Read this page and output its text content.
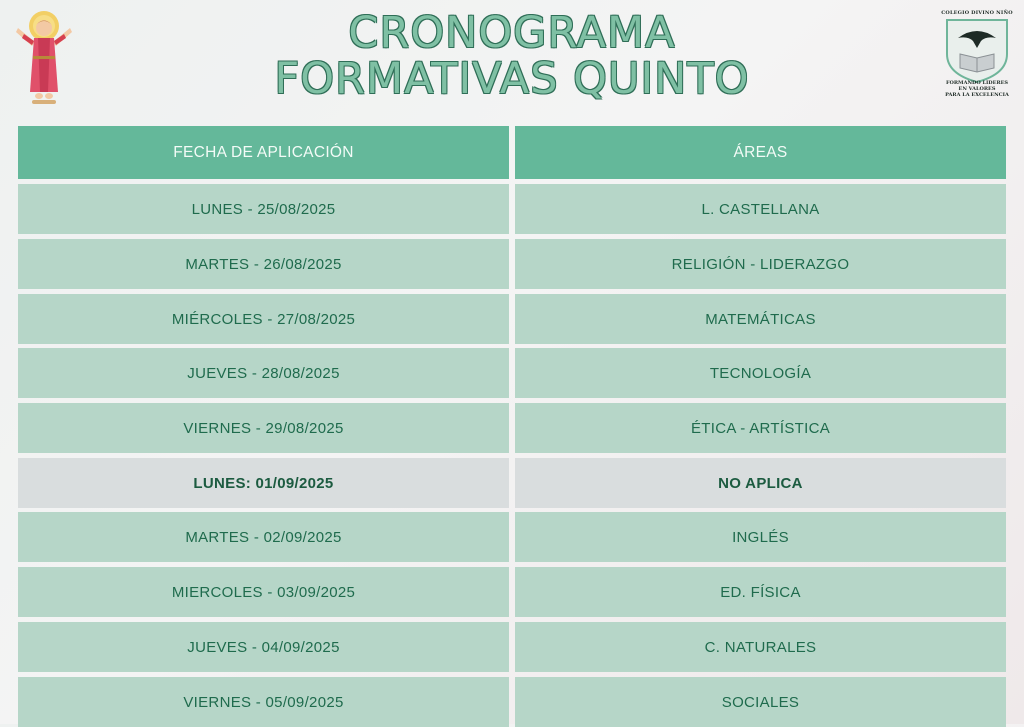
CRONOGRAMA
FORMATIVAS QUINTO
COLEGIO DIVINO NIÑO
FORMANDO LIDERES
EN VALORES
PARA LA EXCELENCIA
FECHA DE APLICACIÓN	ÁREAS
LUNES - 25/08/2025	L. CASTELLANA
MARTES - 26/08/2025	RELIGIÓN - LIDERAZGO
MIÉRCOLES - 27/08/2025	MATEMÁTICAS
JUEVES - 28/08/2025	TECNOLOGÍA
VIERNES - 29/08/2025	ÉTICA - ARTÍSTICA
LUNES: 01/09/2025	NO APLICA
MARTES - 02/09/2025	INGLÉS
MIERCOLES - 03/09/2025	ED. FÍSICA
JUEVES - 04/09/2025	C. NATURALES
VIERNES - 05/09/2025	SOCIALES
